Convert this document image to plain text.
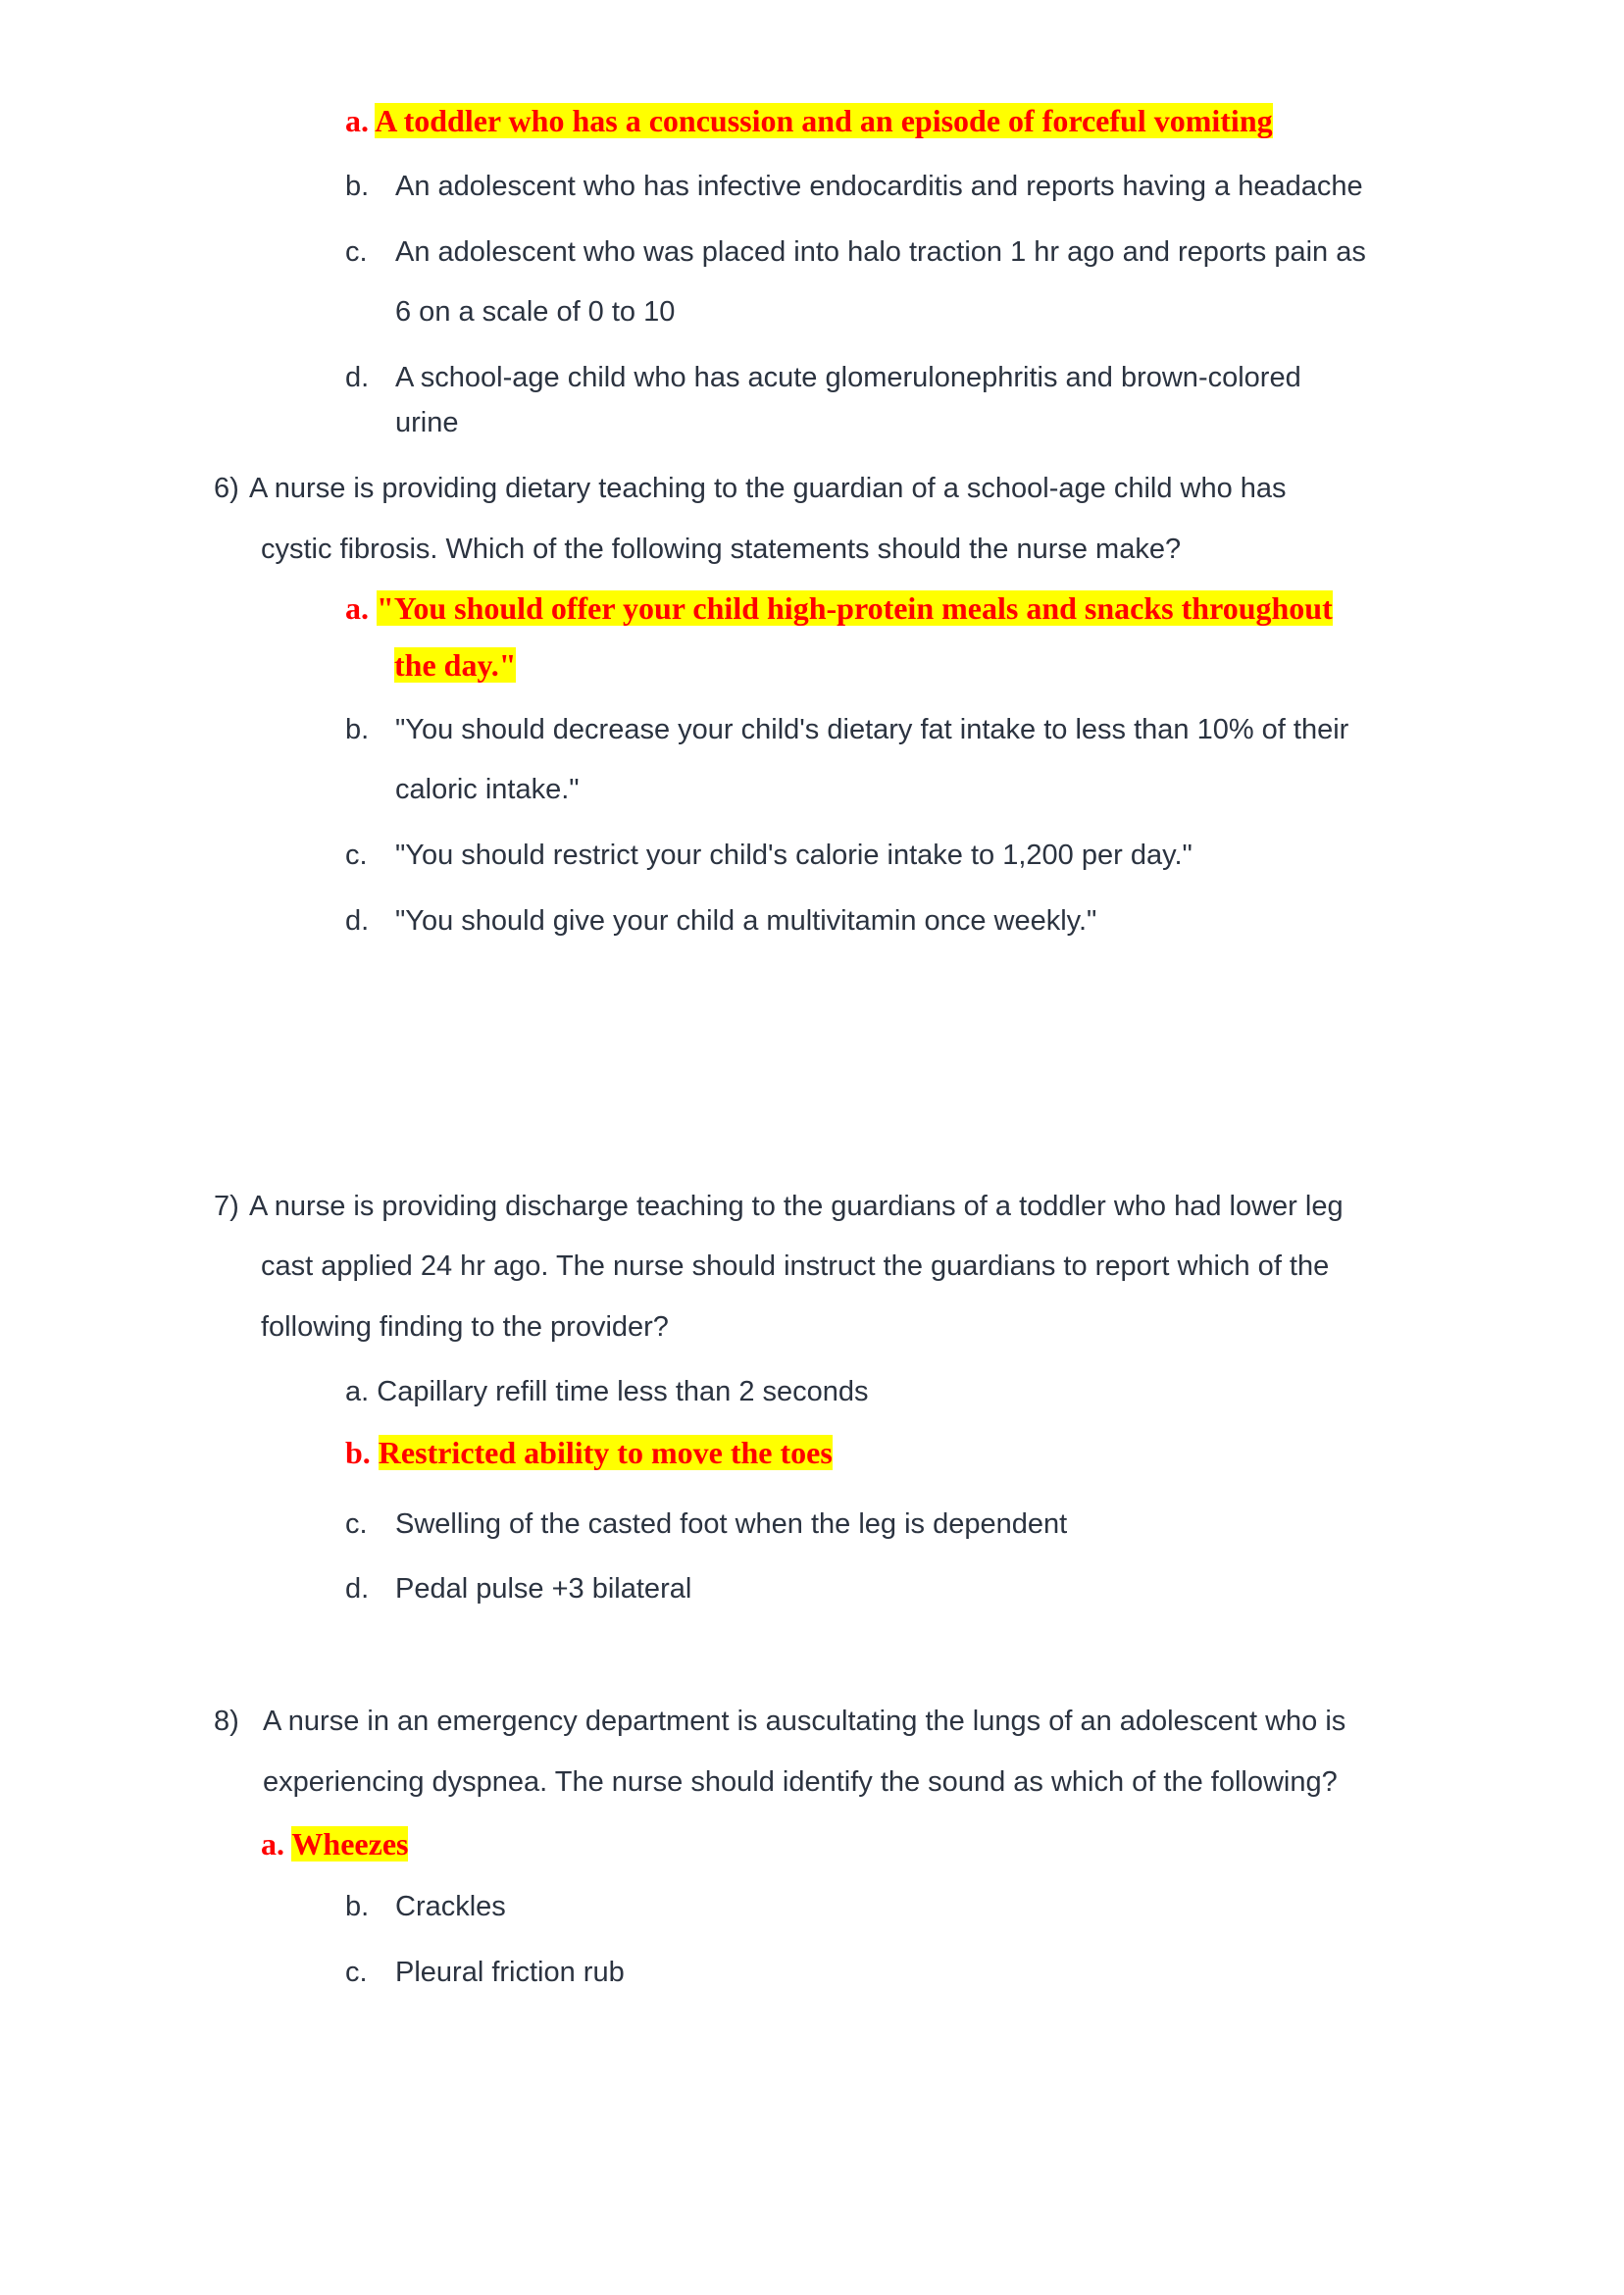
a. A toddler who has a concussion and an episode of forceful vomiting
b. An adolescent who has infective endocarditis and reports having a headache
c. An adolescent who was placed into halo traction 1 hr ago and reports pain as
6 on a scale of 0 to 10
d. A school-age child who has acute glomerulonephritis and brown-colored
urine
6) A nurse is providing dietary teaching to the guardian of a school-age child who has
cystic fibrosis. Which of the following statements should the nurse make?
a. "You should offer your child high-protein meals and snacks throughout
the day."
b. "You should decrease your child's dietary fat intake to less than 10% of their
caloric intake."
c. "You should restrict your child's calorie intake to 1,200 per day."
d. "You should give your child a multivitamin once weekly."
7) A nurse is providing discharge teaching to the guardians of a toddler who had lower leg
cast applied 24 hr ago. The nurse should instruct the guardians to report which of the
following finding to the provider?
a. Capillary refill time less than 2 seconds
b. Restricted ability to move the toes
c. Swelling of the casted foot when the leg is dependent
d. Pedal pulse +3 bilateral
8) A nurse in an emergency department is auscultating the lungs of an adolescent who is
experiencing dyspnea. The nurse should identify the sound as which of the following?
a. Wheezes
b. Crackles
c. Pleural friction rub
